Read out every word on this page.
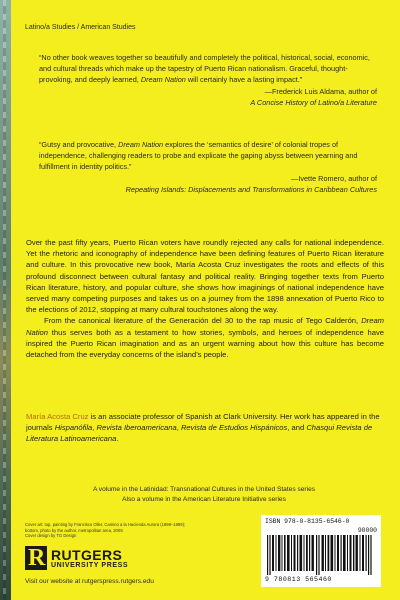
Latino/a Studies / American Studies
“No other book weaves together so beautifully and completely the political, historical, social, economic, and cultural threads which make up the tapestry of Puerto Rican nationalism. Graceful, thought-provoking, and deeply learned, Dream Nation will certainly have a lasting impact.”
—Frederick Luis Aldama, author of
A Concise History of Latino/a Literature
“Gutsy and provocative, Dream Nation explores the ‘semantics of desire’ of colonial tropes of independence, challenging readers to probe and explicate the gaping abyss between yearning and fulfillment in identity politics.”
—Ivette Romero, author of
Repeating Islands: Displacements and Transformations in Caribbean Cultures

Over the past fifty years, Puerto Rican voters have roundly rejected any calls for national independence. Yet the rhetoric and iconography of independence have been defining features of Puerto Rican literature and culture. In this provocative new book, María Acosta Cruz investigates the roots and effects of this profound disconnect between cultural fantasy and political reality. Bringing together texts from Puerto Rican literature, history, and popular culture, she shows how imaginings of national independence have served many competing purposes and takes us on a journey from the 1898 annexation of Puerto Rico to the elections of 2012, stopping at many cultural touchstones along the way.

From the canonical literature of the Generación del 30 to the rap music of Tego Calderón, Dream Nation thus serves both as a testament to how stories, symbols, and heroes of independence have inspired the Puerto Rican imagination and as an urgent warning about how this culture has become detached from the everyday concerns of the island’s people.

María Acosta Cruz is an associate professor of Spanish at Clark University. Her work has appeared in the journals Hispanófila, Revista Iberoamericana, Revista de Estudios Hispánicos, and Chasqui Revista de Literatura Latinoamericana.
A volume in the Latinidad: Transnational Cultures in the United States series
Also a volume in the American Literature Initiative series
Cover art: top, painting by Francisco Oller, Camino a la Hacienda Aurora (1898–1899);
bottom, photo by the author, metropolitan area, 2009.
Cover design by TG Design
R RUTGERS
UNIVERSITY PRESS
Visit our website at rutgerspress.rutgers.edu
ISBN 978-0-8135-6546-0
90000
9 780813 565460
